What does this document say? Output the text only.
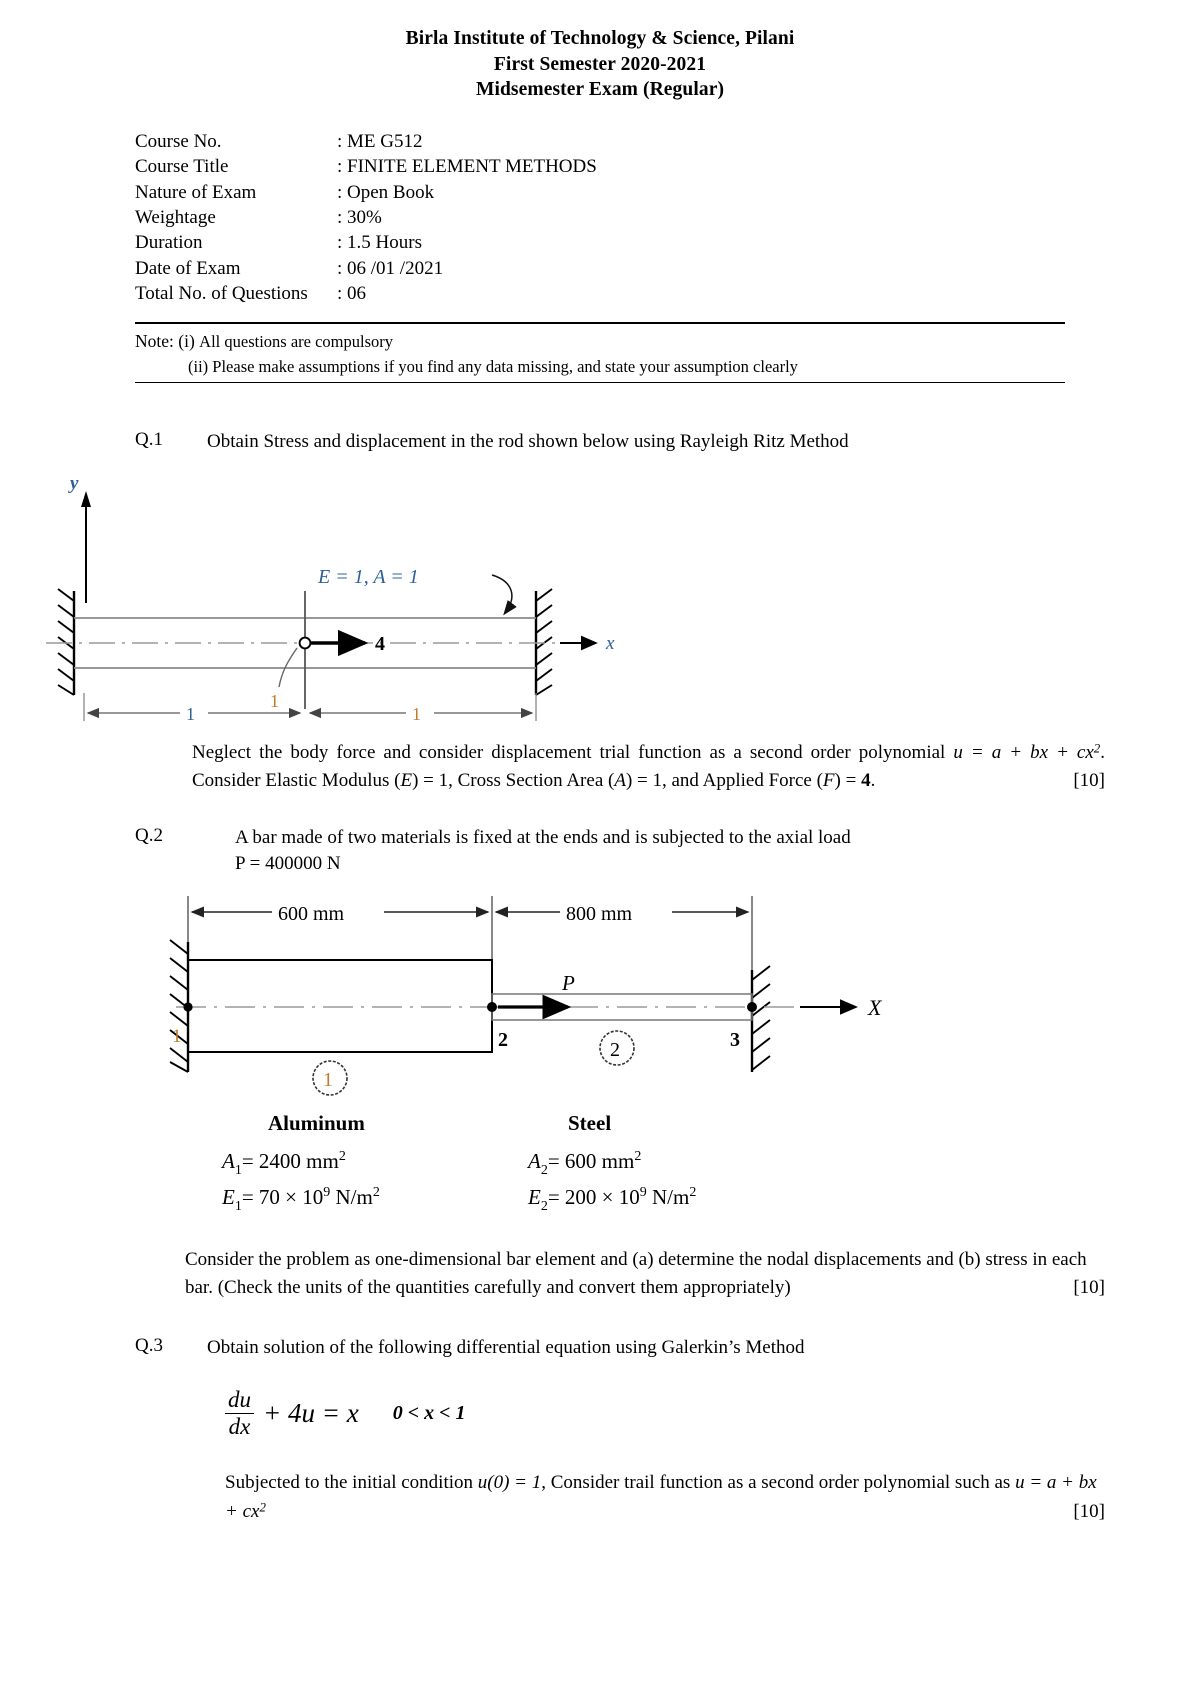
Birla Institute of Technology & Science, Pilani
First Semester 2020-2021
Midsemester Exam (Regular)
Course No.	: ME G512
Course Title	: FINITE ELEMENT METHODS
Nature of Exam	: Open Book
Weightage	: 30%
Duration	: 1.5 Hours
Date of Exam	: 06 /01 /2021
Total No. of Questions	: 06
Note: (i) All questions are compulsory
(ii) Please make assumptions if you find any data missing, and state your assumption clearly
Q.1	Obtain Stress and displacement in the rod shown below using Rayleigh Ritz Method
y
x
4
1
E = 1, A = 1
1	1
Neglect the body force and consider displacement trial function as a second order polynomial u = a + bx + $cx^2$. Consider Elastic Modulus (E) = 1, Cross Section Area (A) = 1, and Applied Force (F) = 4.	[10]
Q.2	A bar made of two materials is fixed at the ends and is subjected to the axial load
P = 400000 N
600 mm	800 mm
X
P
1	2	3
1
2
Aluminum	Steel
$A_1= 2400$ $mm^2$	$A_2= 600$ $mm^2$
$E_1= 70 \times 10^9$ $N/m^2$	$E_2= 200 \times 10^9$ $N/m^2$
Consider the problem as one-dimensional bar element and (a) determine the nodal displacements and (b) stress in each bar. (Check the units of the quantities carefully and convert them appropriately)	[10]
Q.3	Obtain solution of the following differential equation using Galerkin’s Method
$\frac{du}{dx} + 4u = x$ 0 < x < 1
Subjected to the initial condition u(0) = 1, Consider trail function as a second order polynomial such as u = a + bx + $cx^2$	[10]
